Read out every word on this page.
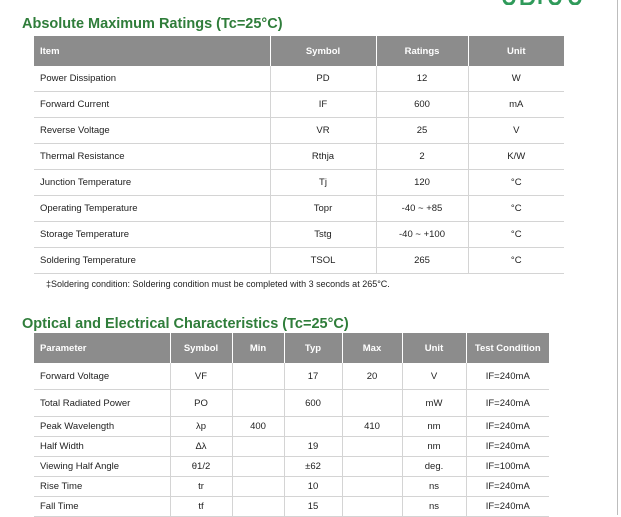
Absolute Maximum Ratings (Tc=25°C)
Item	Symbol	Ratings	Unit
Power Dissipation	PD	12	W
Forward Current	IF	600	mA
Reverse Voltage	VR	25	V
Thermal Resistance	Rthja	2	K/W
Junction Temperature	Tj	120	°C
Operating Temperature	Topr	-40 ~ +85	°C
Storage Temperature	Tstg	-40 ~ +100	°C
Soldering Temperature	TSOL	265	°C

‡Soldering condition: Soldering condition must be completed with 3 seconds at 265°C.

Optical and Electrical Characteristics (Tc=25°C)
Parameter	Symbol	Min	Typ	Max	Unit	Test Condition
Forward Voltage	VF		17	20	V	IF=240mA
Total Radiated Power	PO		600		mW	IF=240mA
Peak Wavelength	λp	400		410	nm	IF=240mA
Half Width	Δλ		19		nm	IF=240mA
Viewing Half Angle	θ1/2		±62		deg.	IF=100mA
Rise Time	tr		10		ns	IF=240mA
Fall Time	tf		15		ns	IF=240mA
